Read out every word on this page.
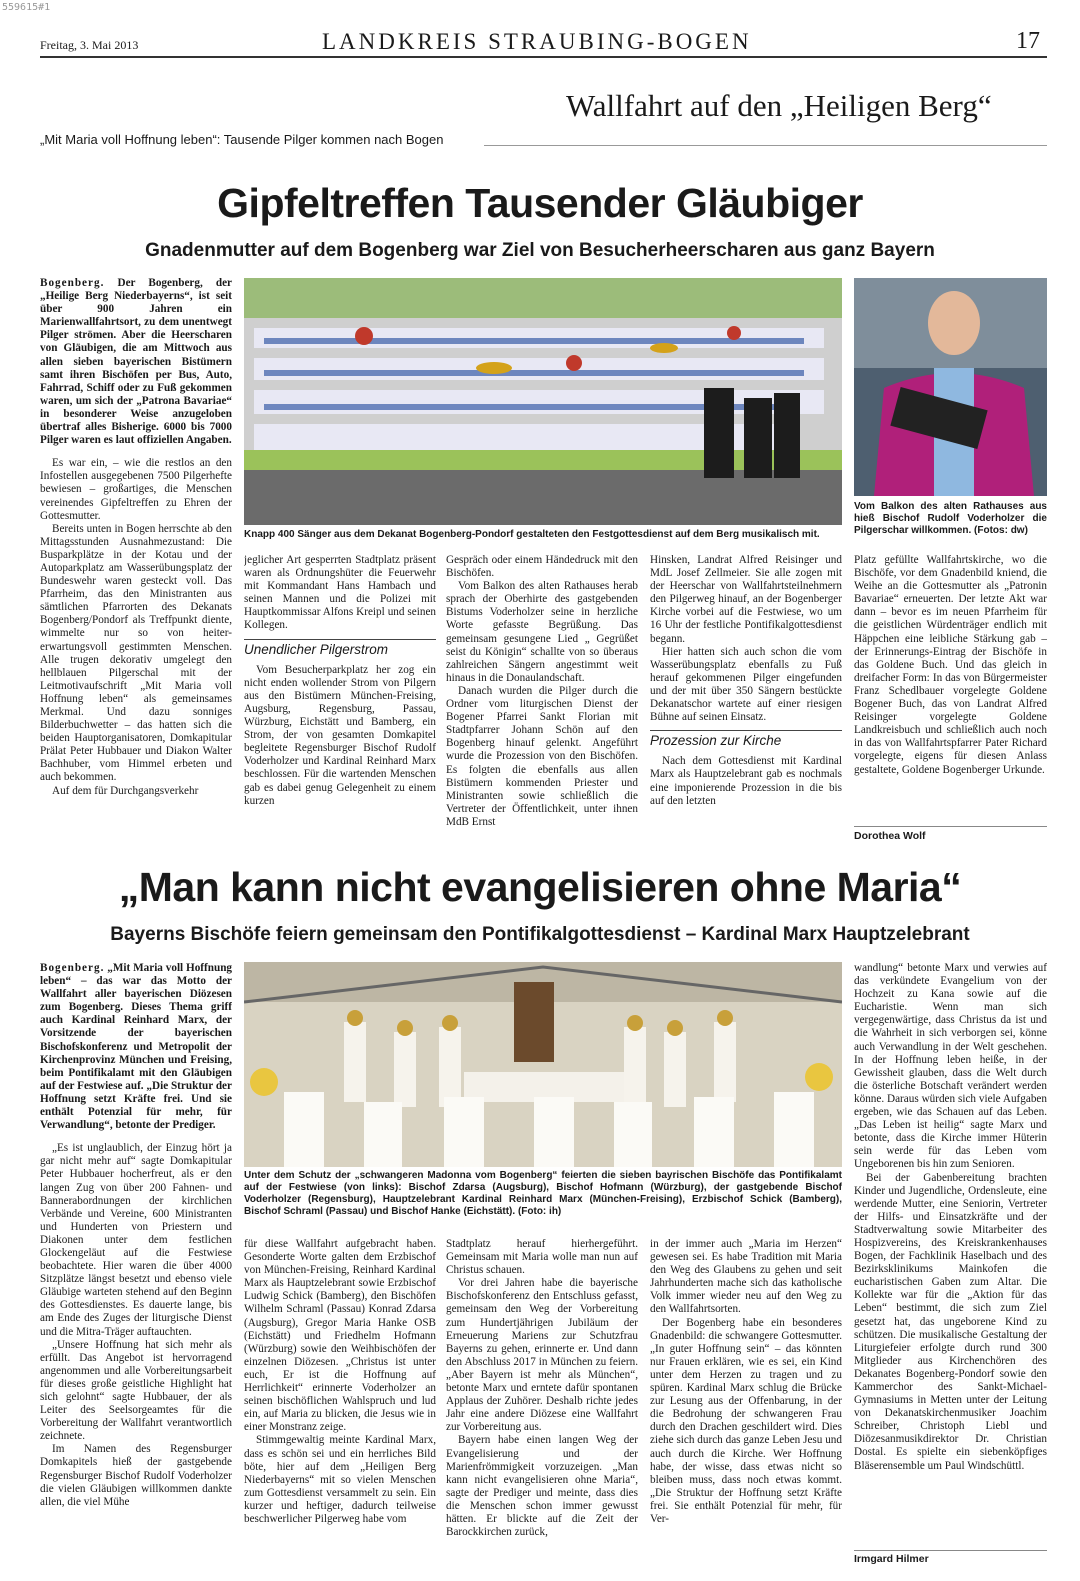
559615#1
Freitag, 3. Mai 2013	LANDKREIS STRAUBING-BOGEN	17
Wallfahrt auf den „Heiligen Berg“
„Mit Maria voll Hoffnung leben“: Tausende Pilger kommen nach Bogen
Gipfeltreffen Tausender Gläubiger
Gnadenmutter auf dem Bogenberg war Ziel von Besucherheerscharen aus ganz Bayern
Knapp 400 Sänger aus dem Dekanat Bogenberg-Pondorf gestalteten den Festgottesdienst auf dem Berg musikalisch mit.
Vom Balkon des alten Rathauses aus hieß Bischof Rudolf Voderholzer die Pilgerschar willkommen. (Fotos: dw)

Bogenberg. Der Bogenberg, der „Heilige Berg Niederbayerns“, ist seit über 900 Jahren ein Marienwallfahrtsort, zu dem unentwegt Pilger strömen. Aber die Heerscharen von Gläubigen, die am Mittwoch aus allen sieben bayerischen Bistümern samt ihren Bischöfen per Bus, Auto, Fahrrad, Schiff oder zu Fuß gekommen waren, um sich der „Patrona Bavariae“ in besonderer Weise anzugeloben übertraf alles Bisherige. 6000 bis 7000 Pilger waren es laut offiziellen Angaben.

Es war ein, – wie die restlos an den Infostellen ausgegebenen 7500 Pilgerhefte bewiesen – großartiges, die Menschen vereinendes Gipfeltreffen zu Ehren der Gottesmutter.

Bereits unten in Bogen herrschte ab den Mittagsstunden Ausnahmezustand: Die Busparkplätze in der Kotau und der Autoparkplatz am Wasserübungsplatz der Bundeswehr waren gesteckt voll. Das Pfarrheim, das den Ministranten aus sämtlichen Pfarrorten des Dekanats Bogenberg/Pondorf als Treffpunkt diente, wimmelte nur so von heiter-erwartungsvoll gestimmten Menschen. Alle trugen dekorativ umgelegt den hellblauen Pilgerschal mit der Leitmotivaufschrift „Mit Maria voll Hoffnung leben“ als gemeinsames Merkmal. Und dazu sonniges Bilderbuchwetter – das hatten sich die beiden Hauptorganisatoren, Domkapitular Prälat Peter Hubbauer und Diakon Walter Bachhuber, vom Himmel erbeten und auch bekommen.

Auf dem für Durchgangsverkehr

jeglicher Art gesperrten Stadtplatz präsent waren als Ordnungshüter die Feuerwehr mit Kommandant Hans Hambach und seinen Mannen und die Polizei mit Hauptkommissar Alfons Kreipl und seinen Kollegen.

Unendlicher Pilgerstrom

Vom Besucherparkplatz her zog ein nicht enden wollender Strom von Pilgern aus den Bistümern München-Freising, Augsburg, Regensburg, Passau, Würzburg, Eichstätt und Bamberg, ein Strom, der von gesamten Domkapitel begleitete Regensburger Bischof Rudolf Voderholzer und Kardinal Reinhard Marx beschlossen. Für die wartenden Menschen gab es dabei genug Gelegenheit zu einem kurzen

Gespräch oder einem Händedruck mit den Bischöfen.

Vom Balkon des alten Rathauses herab sprach der Oberhirte des gastgebenden Bistums Voderholzer seine in herzliche Worte gefasste Begrüßung. Das gemeinsam gesungene Lied „ Gegrüßet seist du Königin“ schallte von so überaus zahlreichen Sängern angestimmt weit hinaus in die Donaulandschaft.

Danach wurden die Pilger durch die Ordner vom liturgischen Dienst der Bogener Pfarrei Sankt Florian mit Stadtpfarrer Johann Schön auf den Bogenberg hinauf gelenkt. Angeführt wurde die Prozession von den Bischöfen. Es folgten die ebenfalls aus allen Bistümern kommenden Priester und Ministranten sowie schließlich die Vertreter der Öffentlichkeit, unter ihnen MdB Ernst

Hinsken, Landrat Alfred Reisinger und MdL Josef Zellmeier. Sie alle zogen mit der Heerschar von Wallfahrtsteilnehmern den Pilgerweg hinauf, an der Bogenberger Kirche vorbei auf die Festwiese, wo um 16 Uhr der festliche Pontifikalgottesdienst begann.

Hier hatten sich auch schon die vom Wasserübungsplatz ebenfalls zu Fuß herauf gekommenen Pilger eingefunden und der mit über 350 Sängern bestückte Dekanatschor wartete auf einer riesigen Bühne auf seinen Einsatz.

Prozession zur Kirche

Nach dem Gottesdienst mit Kardinal Marx als Hauptzelebrant gab es nochmals eine imponierende Prozession in die bis auf den letzten

Platz gefüllte Wallfahrtskirche, wo die Bischöfe, vor dem Gnadenbild kniend, die Weihe an die Gottesmutter als „Patronin Bavariae“ erneuerten. Der letzte Akt war dann – bevor es im neuen Pfarrheim für die geistlichen Würdenträger endlich mit Häppchen eine leibliche Stärkung gab – der Erinnerungs-Eintrag der Bischöfe in das Goldene Buch. Und das gleich in dreifacher Form: In das von Bürgermeister Franz Schedlbauer vorgelegte Goldene Bogener Buch, das von Landrat Alfred Reisinger vorgelegte Goldene Landkreisbuch und schließlich auch noch in das von Wallfahrtspfarrer Pater Richard vorgelegte, eigens für diesen Anlass gestaltete, Goldene Bogenberger Urkunde.

Dorothea Wolf
„Man kann nicht evangelisieren ohne Maria“
Bayerns Bischöfe feiern gemeinsam den Pontifikalgottesdienst – Kardinal Marx Hauptzelebrant
Unter dem Schutz der „schwangeren Madonna vom Bogenberg“ feierten die sieben bayrischen Bischöfe das Pontifikalamt auf der Festwiese (von links): Bischof Zdarsa (Augsburg), Bischof Hofmann (Würzburg), der gastgebende Bischof Voderholzer (Regensburg), Hauptzelebrant Kardinal Reinhard Marx (München-Freising), Erzbischof Schick (Bamberg), Bischof Schraml (Passau) und Bischof Hanke (Eichstätt). (Foto: ih)

Bogenberg. „Mit Maria voll Hoffnung leben“ – das war das Motto der Wallfahrt aller bayerischen Diözesen zum Bogenberg. Dieses Thema griff auch Kardinal Reinhard Marx, der Vorsitzende der bayerischen Bischofskonferenz und Metropolit der Kirchenprovinz München und Freising, beim Pontifikalamt mit den Gläubigen auf der Festwiese auf. „Die Struktur der Hoffnung setzt Kräfte frei. Und sie enthält Potenzial für mehr, für Verwandlung“, betonte der Prediger.

„Es ist unglaublich, der Einzug hört ja gar nicht mehr auf“ sagte Domkapitular Peter Hubbauer hocherfreut, als er den langen Zug von über 200 Fahnen- und Bannerabordnungen der kirchlichen Verbände und Vereine, 600 Ministranten und Hunderten von Priestern und Diakonen unter dem festlichen Glockengeläut auf die Festwiese beobachtete. Hier waren die über 4000 Sitzplätze längst besetzt und ebenso viele Gläubige warteten stehend auf den Beginn des Gottesdienstes. Es dauerte lange, bis am Ende des Zuges der liturgische Dienst und die Mitra-Träger auftauchten.

„Unsere Hoffnung hat sich mehr als erfüllt. Das Angebot ist hervorragend angenommen und alle Vorbereitungsarbeit für dieses große geistliche Highlight hat sich gelohnt“ sagte Hubbauer, der als Leiter des Seelsorgeamtes für die Vorbereitung der Wallfahrt verantwortlich zeichnete.

Im Namen des Regensburger Domkapitels hieß der gastgebende Regensburger Bischof Rudolf Voderholzer die vielen Gläubigen willkommen dankte allen, die viel Mühe

für diese Wallfahrt aufgebracht haben. Gesonderte Worte galten dem Erzbischof von München-Freising, Reinhard Kardinal Marx als Hauptzelebrant sowie Erzbischof Ludwig Schick (Bamberg), den Bischöfen Wilhelm Schraml (Passau) Konrad Zdarsa (Augsburg), Gregor Maria Hanke OSB (Eichstätt) und Friedhelm Hofmann (Würzburg) sowie den Weihbischöfen der einzelnen Diözesen. „Christus ist unter euch, Er ist die Hoffnung auf Herrlichkeit“ erinnerte Voderholzer an seinen bischöflichen Wahlspruch und lud ein, auf Maria zu blicken, die Jesus wie in einer Monstranz zeige.

Stimmgewaltig meinte Kardinal Marx, dass es schön sei und ein herrliches Bild böte, hier auf dem „Heiligen Berg Niederbayerns“ mit so vielen Menschen zum Gottesdienst versammelt zu sein. Ein kurzer und heftiger, dadurch teilweise beschwerlicher Pilgerweg habe vom

Stadtplatz herauf hierhergeführt. Gemeinsam mit Maria wolle man nun auf Christus schauen.

Vor drei Jahren habe die bayerische Bischofskonferenz den Entschluss gefasst, gemeinsam den Weg der Vorbereitung zum Hundertjährigen Jubiläum der Erneuerung Mariens zur Schutzfrau Bayerns zu gehen, erinnerte er. Und dann den Abschluss 2017 in München zu feiern. „Aber Bayern ist mehr als München“, betonte Marx und erntete dafür spontanen Applaus der Zuhörer. Deshalb richte jedes Jahr eine andere Diözese eine Wallfahrt zur Vorbereitung aus.

Bayern habe einen langen Weg der Evangelisierung und der Marienfrömmigkeit vorzuzeigen. „Man kann nicht evangelisieren ohne Maria“, sagte der Prediger und meinte, dass dies die Menschen schon immer gewusst hätten. Er blickte auf die Zeit der Barockkirchen zurück,

in der immer auch „Maria im Herzen“ gewesen sei. Es habe Tradition mit Maria den Weg des Glaubens zu gehen und seit Jahrhunderten mache sich das katholische Volk immer wieder neu auf den Weg zu den Wallfahrtsorten.

Der Bogenberg habe ein besonderes Gnadenbild: die schwangere Gottesmutter. „In guter Hoffnung sein“ – das könnten nur Frauen erklären, wie es sei, ein Kind unter dem Herzen zu tragen und zu spüren. Kardinal Marx schlug die Brücke zur Lesung aus der Offenbarung, in der die Bedrohung der schwangeren Frau durch den Drachen geschildert wird. Dies ziehe sich durch das ganze Leben Jesu und auch durch die Kirche. Wer Hoffnung habe, der wisse, dass etwas nicht so bleiben muss, dass noch etwas kommt. „Die Struktur der Hoffnung setzt Kräfte frei. Sie enthält Potenzial für mehr, für Ver-

wandlung“ betonte Marx und verwies auf das verkündete Evangelium von der Hochzeit zu Kana sowie auf die Eucharistie. Wenn man sich vergegenwärtige, dass Christus da ist und die Wahrheit in sich verborgen sei, könne auch Verwandlung in der Welt geschehen. In der Hoffnung leben heiße, in der Gewissheit glauben, dass die Welt durch die österliche Botschaft verändert werden könne. Daraus würden sich viele Aufgaben ergeben, wie das Schauen auf das Leben. „Das Leben ist heilig“ sagte Marx und betonte, dass die Kirche immer Hüterin sein werde für das Leben vom Ungeborenen bis hin zum Senioren.

Bei der Gabenbereitung brachten Kinder und Jugendliche, Ordensleute, eine werdende Mutter, eine Seniorin, Vertreter der Hilfs- und Einsatzkräfte und der Stadtverwaltung sowie Mitarbeiter des Hospizvereins, des Kreiskrankenhauses Bogen, der Fachklinik Haselbach und des Bezirksklinikums Mainkofen die eucharistischen Gaben zum Altar. Die Kollekte war für die „Aktion für das Leben“ bestimmt, die sich zum Ziel gesetzt hat, das ungeborene Kind zu schützen. Die musikalische Gestaltung der Liturgiefeier erfolgte durch rund 300 Mitglieder aus Kirchenchören des Dekanates Bogenberg-Pondorf sowie den Kammerchor des Sankt-Michael-Gymnasiums in Metten unter der Leitung von Dekanatskirchenmusiker Joachim Schreiber, Christoph Liebl und Diözesanmusikdirektor Dr. Christian Dostal. Es spielte ein siebenköpfiges Bläserensemble um Paul Windschüttl.

Irmgard Hilmer
